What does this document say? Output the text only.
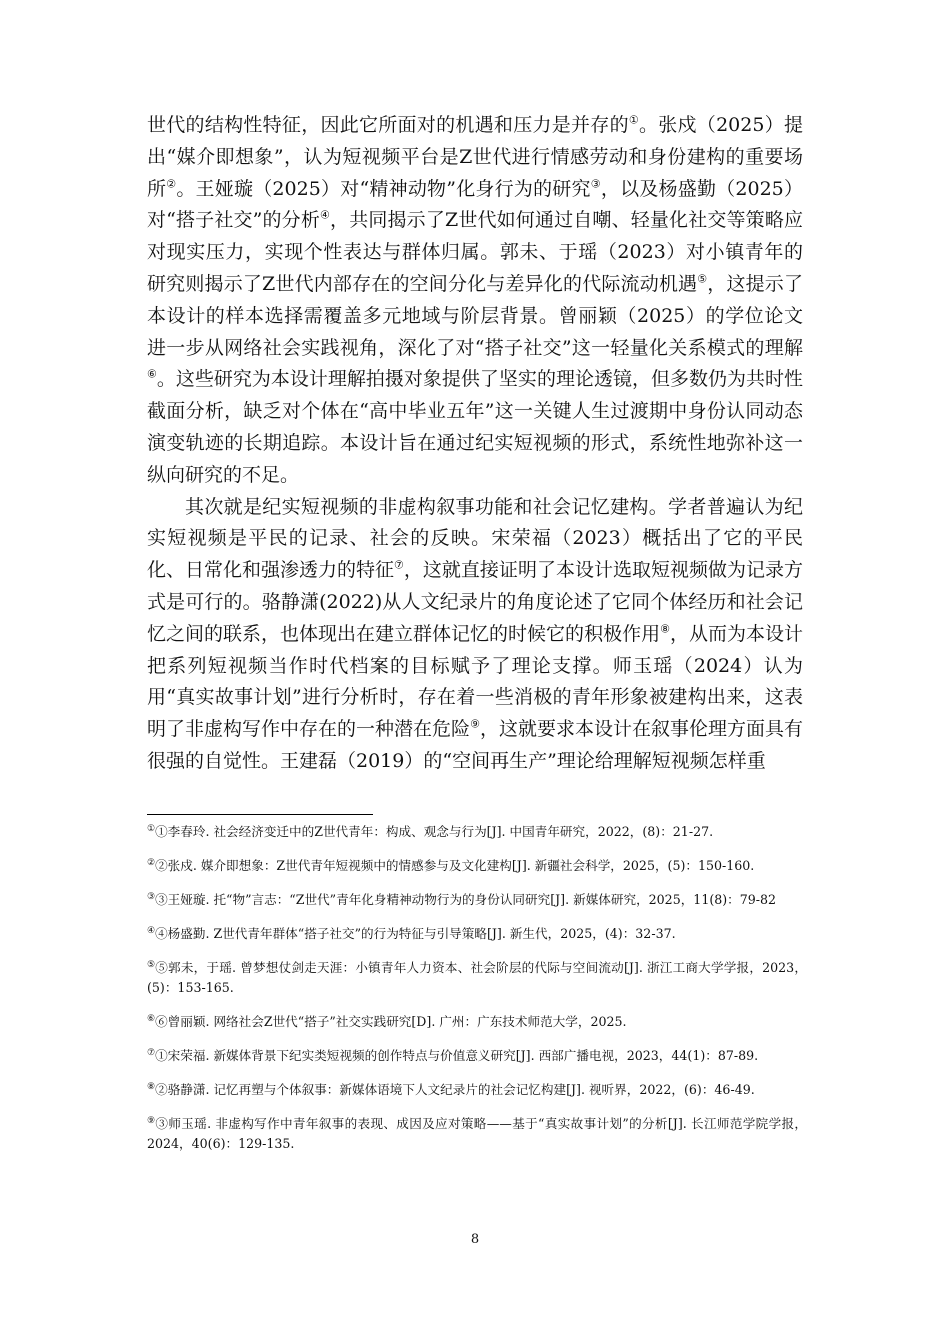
世代的结构性特征，因此它所面对的机遇和压力是并存的①。张戍（2025）提出“媒介即想象”，认为短视频平台是Z世代进行情感劳动和身份建构的重要场所②。王娅璇（2025）对“精神动物”化身行为的研究③，以及杨盛勤（2025）对“搭子社交”的分析④，共同揭示了Z世代如何通过自嘲、轻量化社交等策略应对现实压力，实现个性表达与群体归属。郭未、于瑶（2023）对小镇青年的研究则揭示了Z世代内部存在的空间分化与差异化的代际流动机遇⑤，这提示了本设计的样本选择需覆盖多元地域与阶层背景。曾丽颖（2025）的学位论文进一步从网络社会实践视角，深化了对“搭子社交”这一轻量化关系模式的理解⑥。这些研究为本设计理解拍摄对象提供了坚实的理论透镜，但多数仍为共时性截面分析，缺乏对个体在“高中毕业五年”这一关键人生过渡期中身份认同动态演变轨迹的长期追踪。本设计旨在通过纪实短视频的形式，系统性地弥补这一纵向研究的不足。

其次就是纪实短视频的非虚构叙事功能和社会记忆建构。学者普遍认为纪实短视频是平民的记录、社会的反映。宋荣福（2023）概括出了它的平民化、日常化和强渗透力的特征⑦，这就直接证明了本设计选取短视频做为记录方式是可行的。骆静潇(2022)从人文纪录片的角度论述了它同个体经历和社会记忆之间的联系，也体现出在建立群体记忆的时候它的积极作用⑧，从而为本设计把系列短视频当作时代档案的目标赋予了理论支撑。师玉瑶（2024）认为用“真实故事计划”进行分析时，存在着一些消极的青年形象被建构出来，这表明了非虚构写作中存在的一种潜在危险⑨，这就要求本设计在叙事伦理方面具有很强的自觉性。王建磊（2019）的“空间再生产”理论给理解短视频怎样重

①①李春玲. 社会经济变迁中的Z世代青年：构成、观念与行为[J]. 中国青年研究，2022，(8)：21-27.

②②张戍. 媒介即想象：Z世代青年短视频中的情感参与及文化建构[J]. 新疆社会科学，2025，(5)：150-160.

③③王娅璇. 托“物”言志：“Z世代”青年化身精神动物行为的身份认同研究[J]. 新媒体研究，2025，11(8)：79-82

④④杨盛勤. Z世代青年群体“搭子社交”的行为特征与引导策略[J]. 新生代，2025，(4)：32-37.

⑤⑤郭未，于瑶. 曾梦想仗剑走天涯：小镇青年人力资本、社会阶层的代际与空间流动[J]. 浙江工商大学学报，2023，(5)：153-165.

⑥⑥曾丽颖. 网络社会Z世代“搭子”社交实践研究[D]. 广州：广东技术师范大学，2025.

⑦①宋荣福. 新媒体背景下纪实类短视频的创作特点与价值意义研究[J]. 西部广播电视，2023，44(1)：87-89.

⑧②骆静潇. 记忆再塑与个体叙事：新媒体语境下人文纪录片的社会记忆构建[J]. 视听界，2022，(6)：46-49.

⑨③师玉瑶. 非虚构写作中青年叙事的表现、成因及应对策略——基于“真实故事计划”的分析[J]. 长江师范学院学报，2024，40(6)：129-135.

8
